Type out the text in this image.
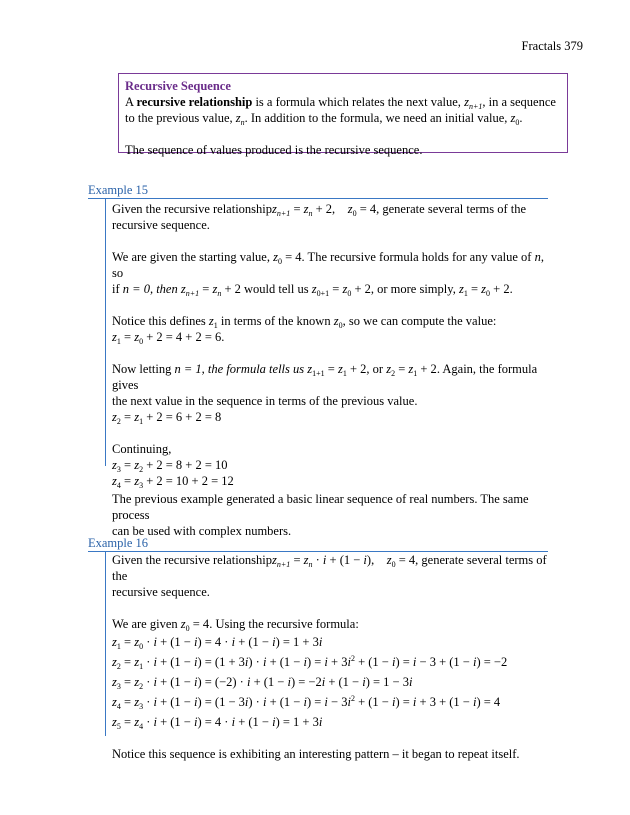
Fractals 379

Recursive Sequence

A recursive relationship is a formula which relates the next value, $z_{n+1}$, in a sequence

to the previous value, $z_n$. In addition to the formula, we need an initial value, $z_0$.

The sequence of values produced is the recursive sequence.

Example 15

Given the recursive relationshipz$_{n+1}$ = $z_n + 2$,    $z_0 = 4$, generate several terms of the

recursive sequence.

We are given the starting value, $z_0 = 4$. The recursive formula holds for any value of n, so

if n = 0, then $z_{n+1} = z_n + 2$ would tell us $z_{0+1} = z_0 + 2$, or more simply, $z_1 = z_0 + 2$.

Notice this defines $z_1$ in terms of the known $z_0$, so we can compute the value:

$z_1 = z_0 + 2 = 4 + 2 = 6$.

Now letting n = 1, the formula tells us $z_{1+1} = z_1 + 2$, or $z_2 = z_1 + 2$. Again, the formula gives

the next value in the sequence in terms of the previous value.

$z_2 = z_1 + 2 = 6 + 2 = 8$

Continuing,

$z_3 = z_2 + 2 = 8 + 2 = 10$

$z_4 = z_3 + 2 = 10 + 2 = 12$

The previous example generated a basic linear sequence of real numbers. The same process

can be used with complex numbers.

Example 16

Given the recursive relationshipz$_{n+1}$ = $z_n \cdot i + (1 - i)$,    $z_0 = 4$, generate several terms of the

recursive sequence.

We are given $z_0 = 4$. Using the recursive formula:

$z_1 = z_0 \cdot i + (1 - i) = 4 \cdot i + (1 - i) = 1 + 3i$

$z_2 = z_1 \cdot i + (1 - i) = (1 + 3i) \cdot i + (1 - i) = i + 3i^2 + (1 - i) = i - 3 + (1 - i) = -2$

$z_3 = z_2 \cdot i + (1 - i) = (-2) \cdot i + (1 - i) = -2i + (1 - i) = 1 - 3i$

$z_4 = z_3 \cdot i + (1 - i) = (1 - 3i) \cdot i + (1 - i) = i - 3i^2 + (1 - i) = i + 3 + (1 - i) = 4$

$z_5 = z_4 \cdot i + (1 - i) = 4 \cdot i + (1 - i) = 1 + 3i$

Notice this sequence is exhibiting an interesting pattern – it began to repeat itself.
